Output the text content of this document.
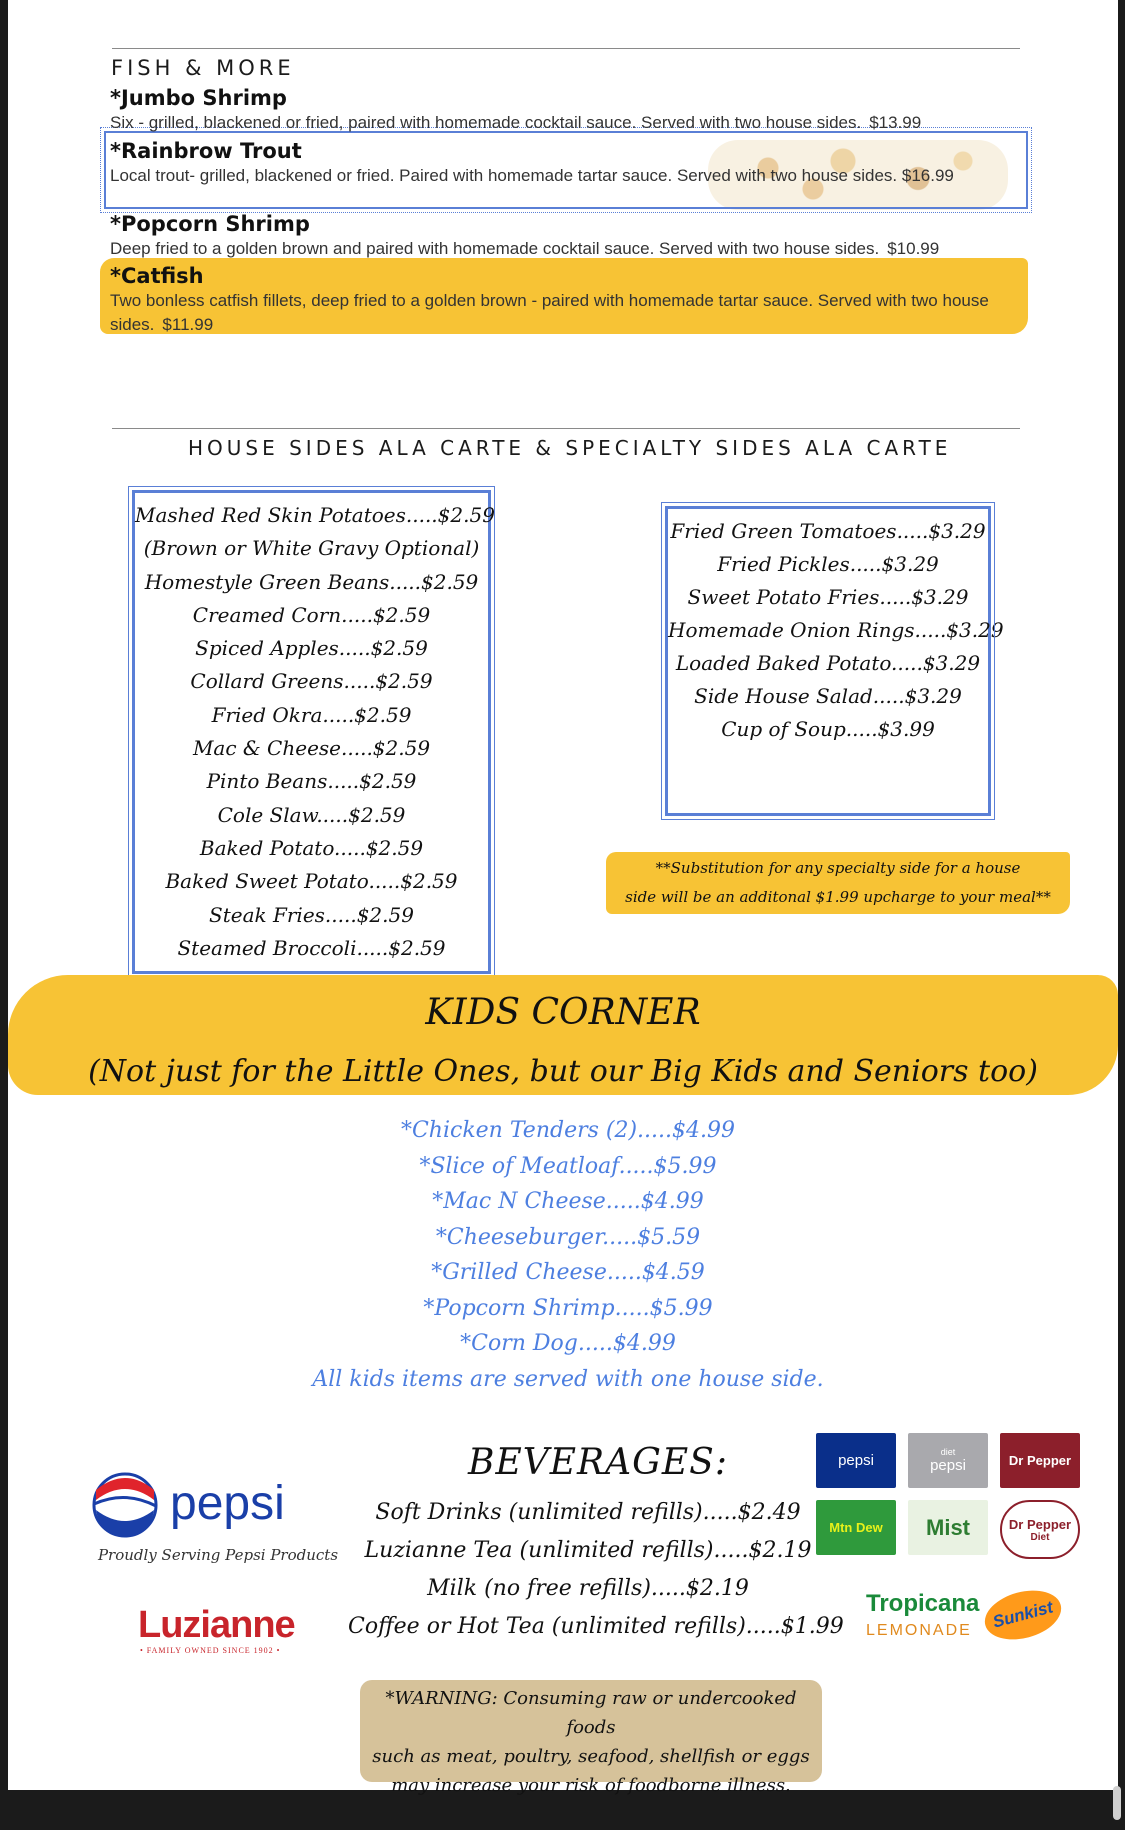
FISH & MORE
*Jumbo Shrimp
Six - grilled, blackened or fried, paired with homemade cocktail sauce. Served with two house sides. $13.99
*Rainbrow Trout
Local trout- grilled, blackened or fried. Paired with homemade tartar sauce. Served with two house sides. $16.99
*Popcorn Shrimp
Deep fried to a golden brown and paired with homemade cocktail sauce. Served with two house sides. $10.99
*Catfish
Two bonless catfish fillets, deep fried to a golden brown - paired with homemade tartar sauce. Served with two house sides. $11.99
HOUSE SIDES ALA CARTE & SPECIALTY SIDES ALA CARTE
Mashed Red Skin Potatoes.....$2.59
(Brown or White Gravy Optional)
Homestyle Green Beans.....$2.59
Creamed Corn.....$2.59
Spiced Apples.....$2.59
Collard Greens.....$2.59
Fried Okra.....$2.59
Mac & Cheese.....$2.59
Pinto Beans.....$2.59
Cole Slaw.....$2.59
Baked Potato.....$2.59
Baked Sweet Potato.....$2.59
Steak Fries.....$2.59
Steamed Broccoli.....$2.59
Fried Green Tomatoes.....$3.29
Fried Pickles.....$3.29
Sweet Potato Fries.....$3.29
Homemade Onion Rings.....$3.29
Loaded Baked Potato.....$3.29
Side House Salad.....$3.29
Cup of Soup.....$3.99
**Substitution for any specialty side for a house
side will be an additonal $1.99 upcharge to your meal**
KIDS CORNER
(Not just for the Little Ones, but our Big Kids and Seniors too)
*Chicken Tenders (2).....$4.99
*Slice of Meatloaf.....$5.99
*Mac N Cheese.....$4.99
*Cheeseburger.....$5.59
*Grilled Cheese.....$4.59
*Popcorn Shrimp.....$5.99
*Corn Dog.....$4.99
All kids items are served with one house side.
BEVERAGES:
Soft Drinks (unlimited refills).....$2.49
Luzianne Tea (unlimited refills).....$2.19
Milk (no free refills).....$2.19
Coffee or Hot Tea (unlimited refills).....$1.99
*WARNING: Consuming raw or undercooked foods
such as meat, poultry, seafood, shellfish or eggs
may increase your risk of foodborne illness.
pepsi
Proudly Serving Pepsi Products
Luzianne
• FAMILY OWNED SINCE 1902 •
pepsi	diet
pepsi	Dr Pepper
Mtn Dew Mist	Dr Pepper
Diet
Tropicana
LEMONADE Sunkist
